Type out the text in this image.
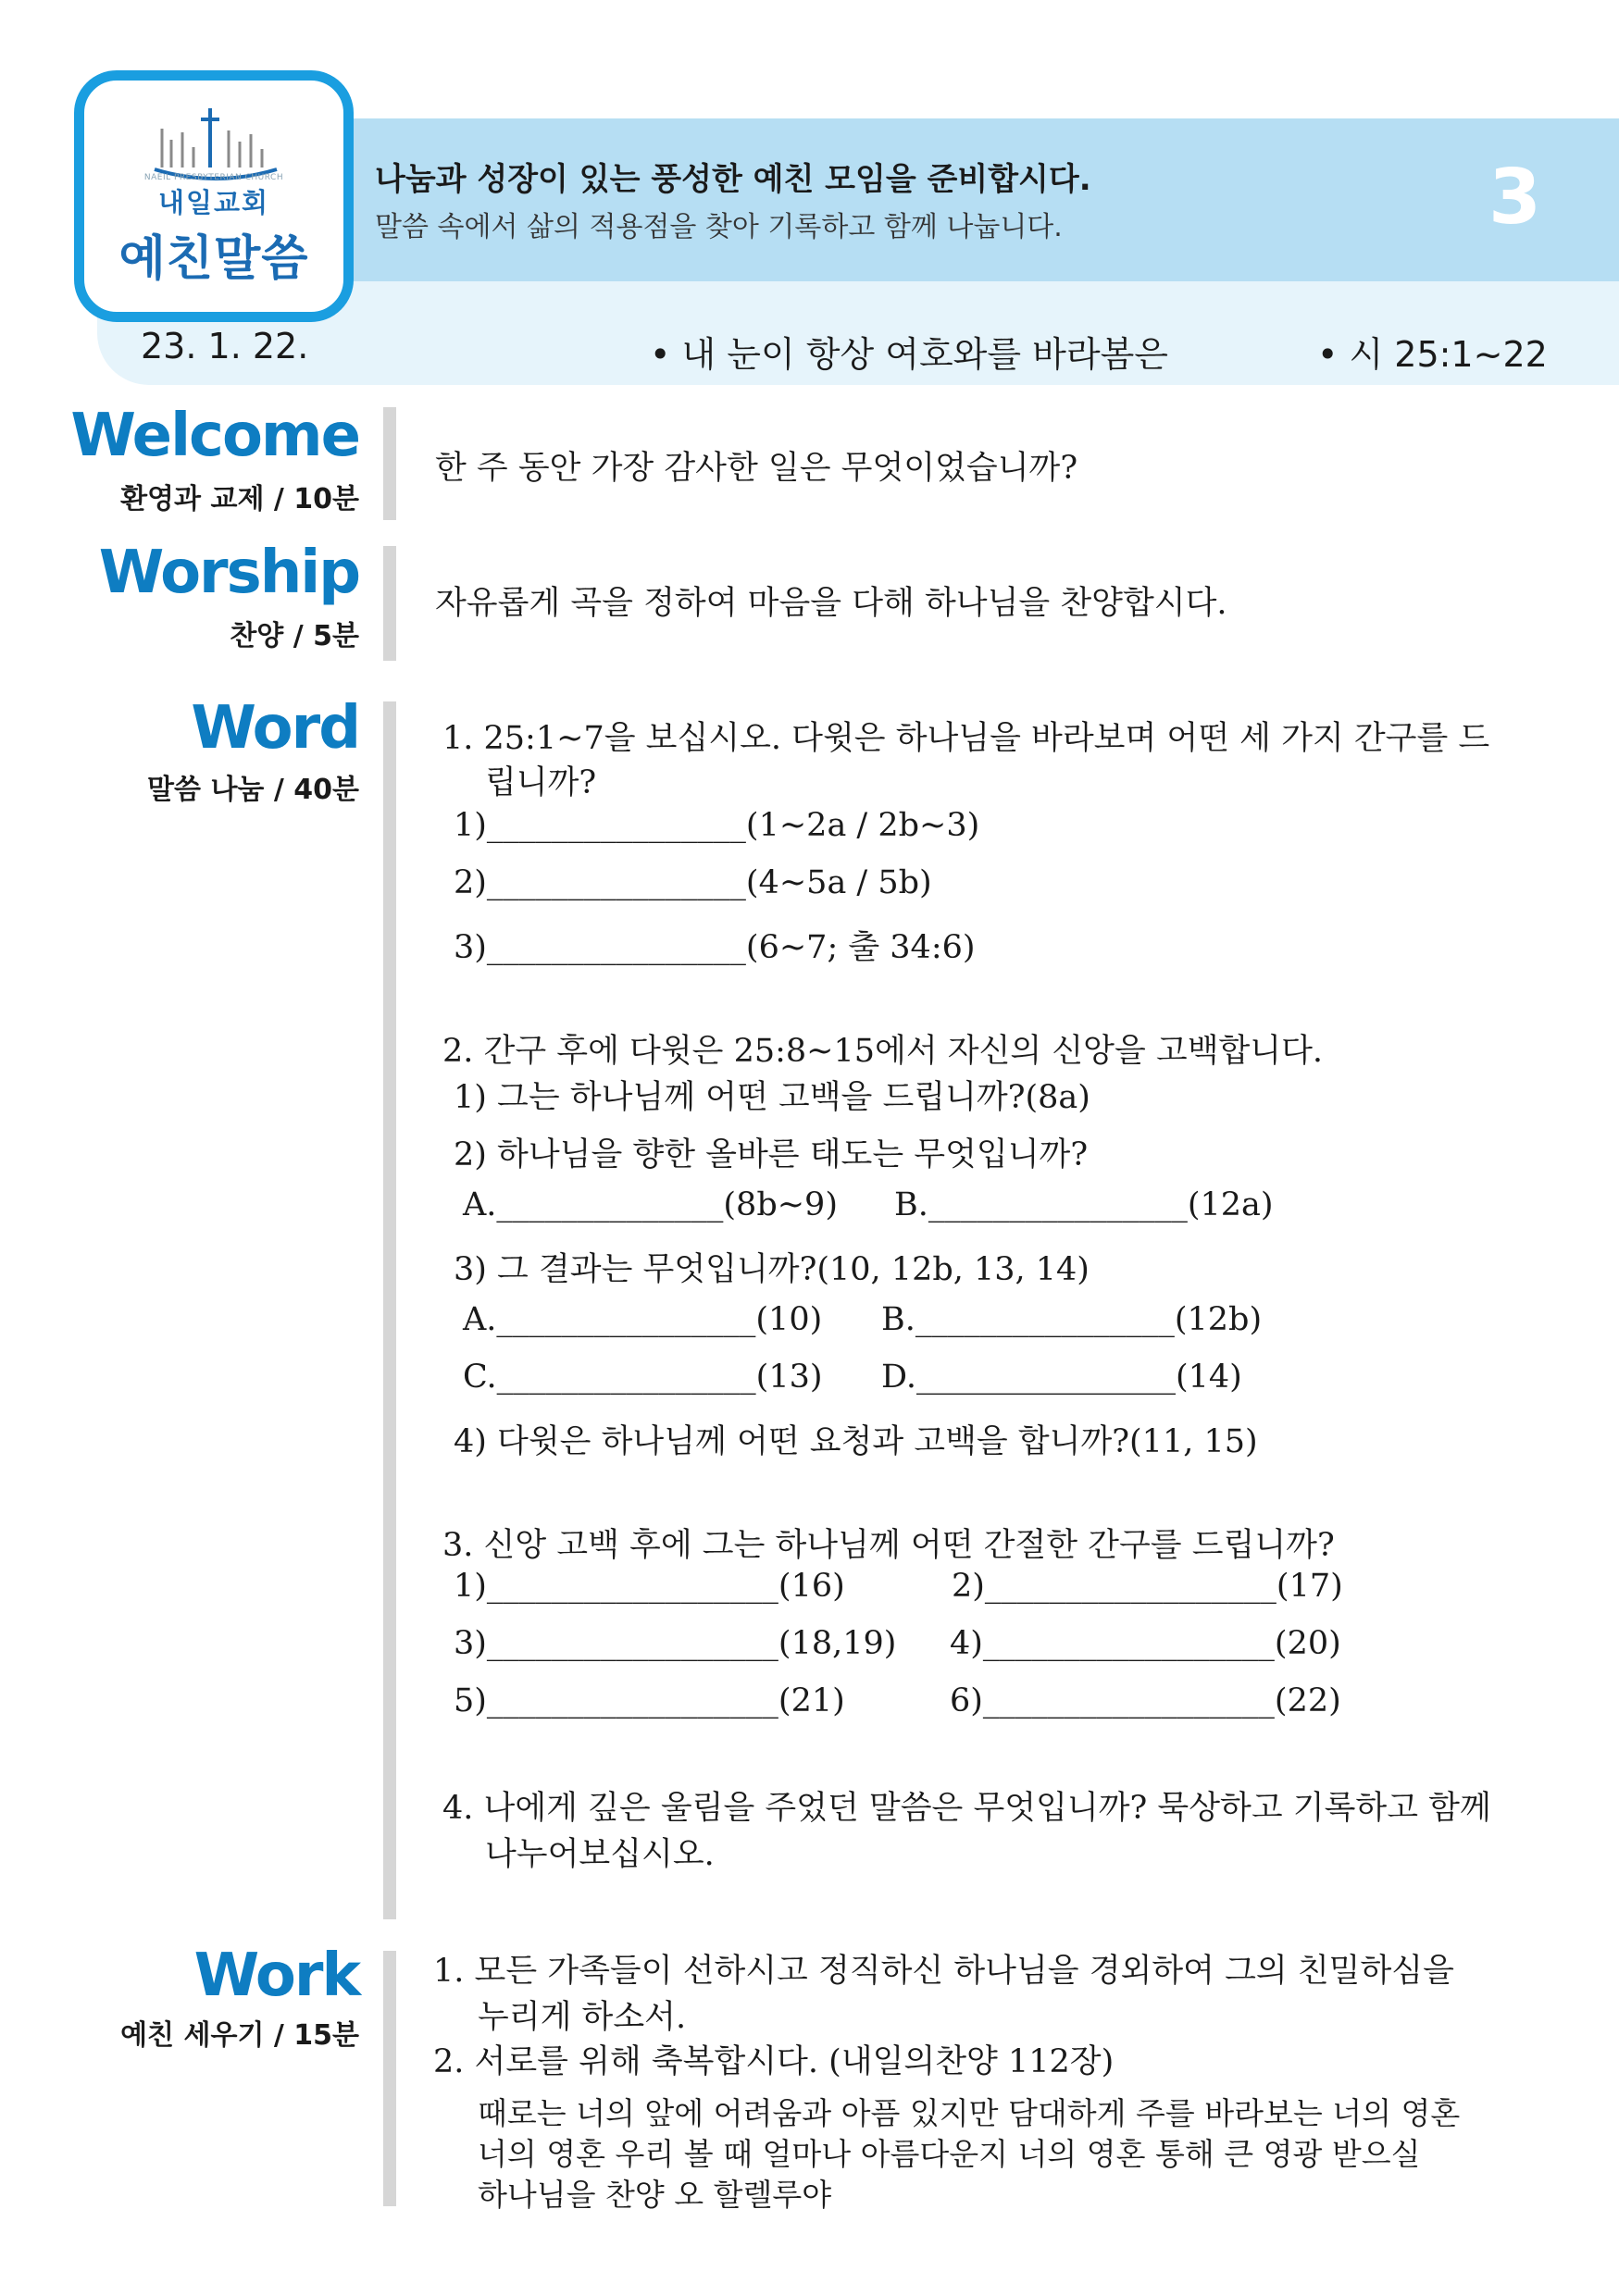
NAEIL PRESBYTERIAN CHURCH
내일교회
예친말씀
나눔과 성장이 있는 풍성한 예친 모임을 준비합시다.
말씀 속에서 삶의 적용점을 찾아 기록하고 함께 나눕니다.	3
23. 1. 22.	• 내 눈이 항상 여호와를 바라봄은	• 시 25:1~22
Welcome
환영과 교제 / 10분
한 주 동안 가장 감사한 일은 무엇이었습니까?
Worship
찬양 / 5분
자유롭게 곡을 정하여 마음을 다해 하나님을 찬양합시다.
Word
말씀 나눔 / 40분
1. 25:1~7을 보십시오. 다윗은 하나님을 바라보며 어떤 세 가지 간구를 드
립니까?
1)________________(1~2a / 2b~3)
2)________________(4~5a / 5b)
3)________________(6~7; 출 34:6)
2. 간구 후에 다윗은 25:8~15에서 자신의 신앙을 고백합니다.
1) 그는 하나님께 어떤 고백을 드립니까?(8a)
2) 하나님을 향한 올바른 태도는 무엇입니까?
A.______________(8b~9) B.________________(12a)
3) 그 결과는 무엇입니까?(10, 12b, 13, 14)
A.________________(10) B.________________(12b)
C.________________(13) D.________________(14)
4) 다윗은 하나님께 어떤 요청과 고백을 합니까?(11, 15)
3. 신앙 고백 후에 그는 하나님께 어떤 간절한 간구를 드립니까?
1)__________________(16)	2)__________________(17)
3)__________________(18,19) 4)__________________(20)
5)__________________(21)	6)__________________(22)
4. 나에게 깊은 울림을 주었던 말씀은 무엇입니까? 묵상하고 기록하고 함께
나누어보십시오.
Work
예친 세우기 / 15분
1. 모든 가족들이 선하시고 정직하신 하나님을 경외하여 그의 친밀하심을
누리게 하소서.
2. 서로를 위해 축복합시다. (내일의찬양 112장)
때로는 너의 앞에 어려움과 아픔 있지만 담대하게 주를 바라보는 너의 영혼
너의 영혼 우리 볼 때 얼마나 아름다운지 너의 영혼 통해 큰 영광 받으실
하나님을 찬양 오 할렐루야
